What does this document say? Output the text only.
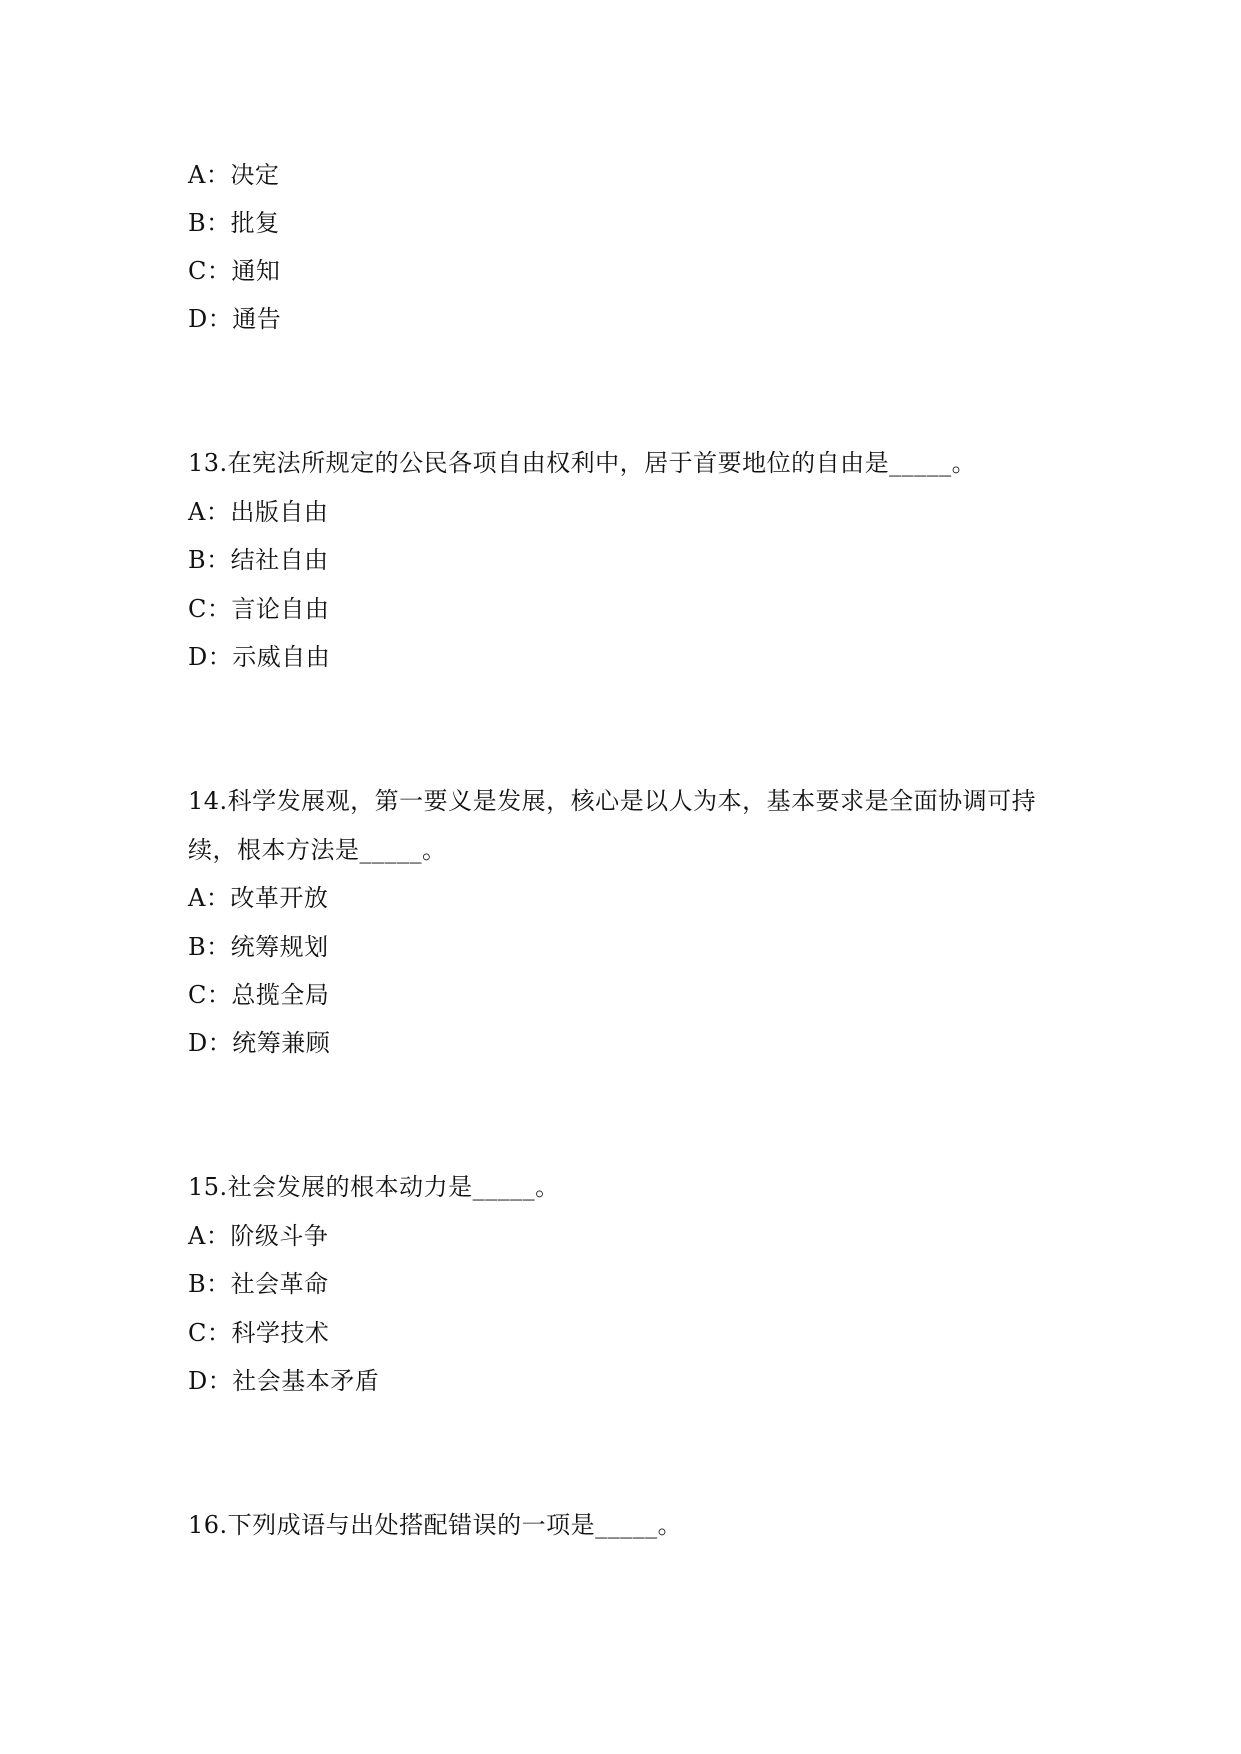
A：决定
B：批复
C：通知
D：通告
13.在宪法所规定的公民各项自由权利中，居于首要地位的自由是_____。
A：出版自由
B：结社自由
C：言论自由
D：示威自由
14.科学发展观，第一要义是发展，核心是以人为本，基本要求是全面协调可持
续，根本方法是_____。
A：改革开放
B：统筹规划
C：总揽全局
D：统筹兼顾
15.社会发展的根本动力是_____。
A：阶级斗争
B：社会革命
C：科学技术
D：社会基本矛盾
16.下列成语与出处搭配错误的一项是_____。
